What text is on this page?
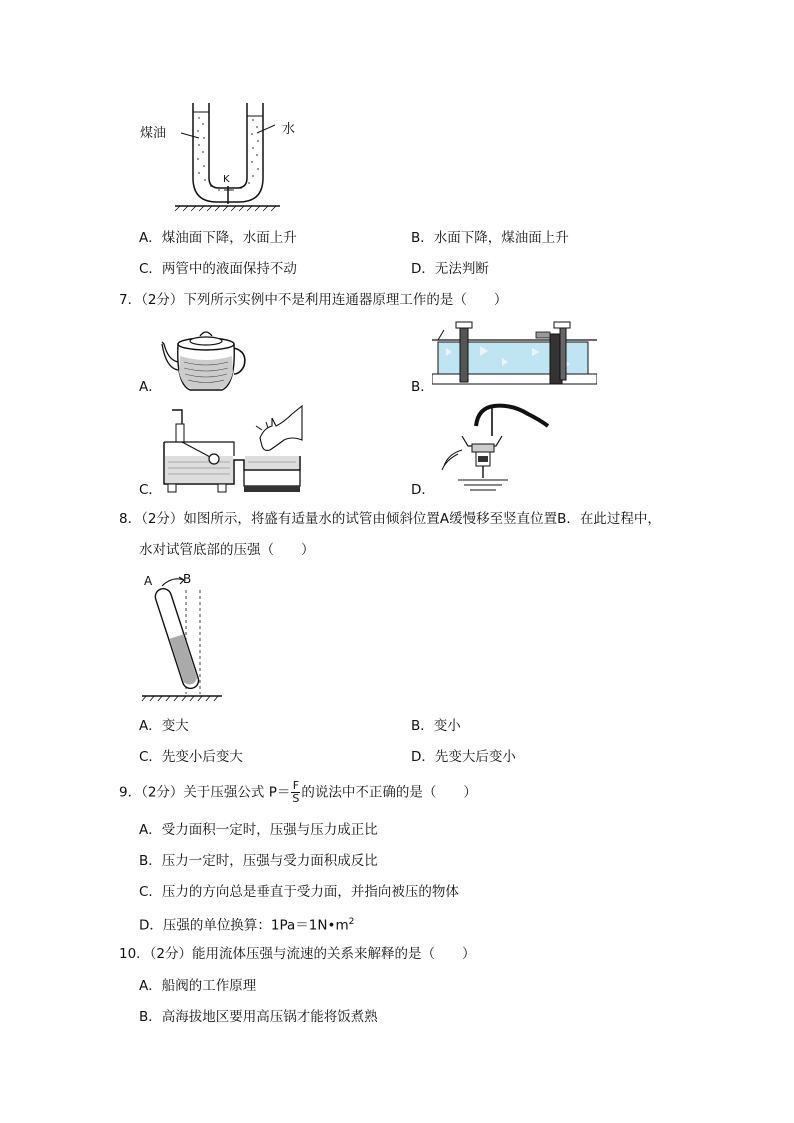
煤油	水
K
A．煤油面下降，水面上升	B．水面下降，煤油面上升
C．两管中的液面保持不动	D．无法判断
7．（2分）下列所示实例中不是利用连通器原理工作的是（　　）
A．	B．
C．	D．
8．（2分）如图所示，将盛有适量水的试管由倾斜位置A缓慢移至竖直位置B．在此过程中，
水对试管底部的压强（　　）
A	B
A．变大	B．变小
C．先变小后变大	D．先变大后变小
9．（2分）关于压强公式 $P= \frac{F}{S}$ 的说法中不正确的是（　　）
A．受力面积一定时，压强与压力成正比
B．压力一定时，压强与受力面积成反比
C．压力的方向总是垂直于受力面，并指向被压的物体
D．压强的单位换算：$1Pa=1N•m^2$
10．（2分）能用流体压强与流速的关系来解释的是（　　）
A．船阀的工作原理
B．高海拔地区要用高压锅才能将饭煮熟
